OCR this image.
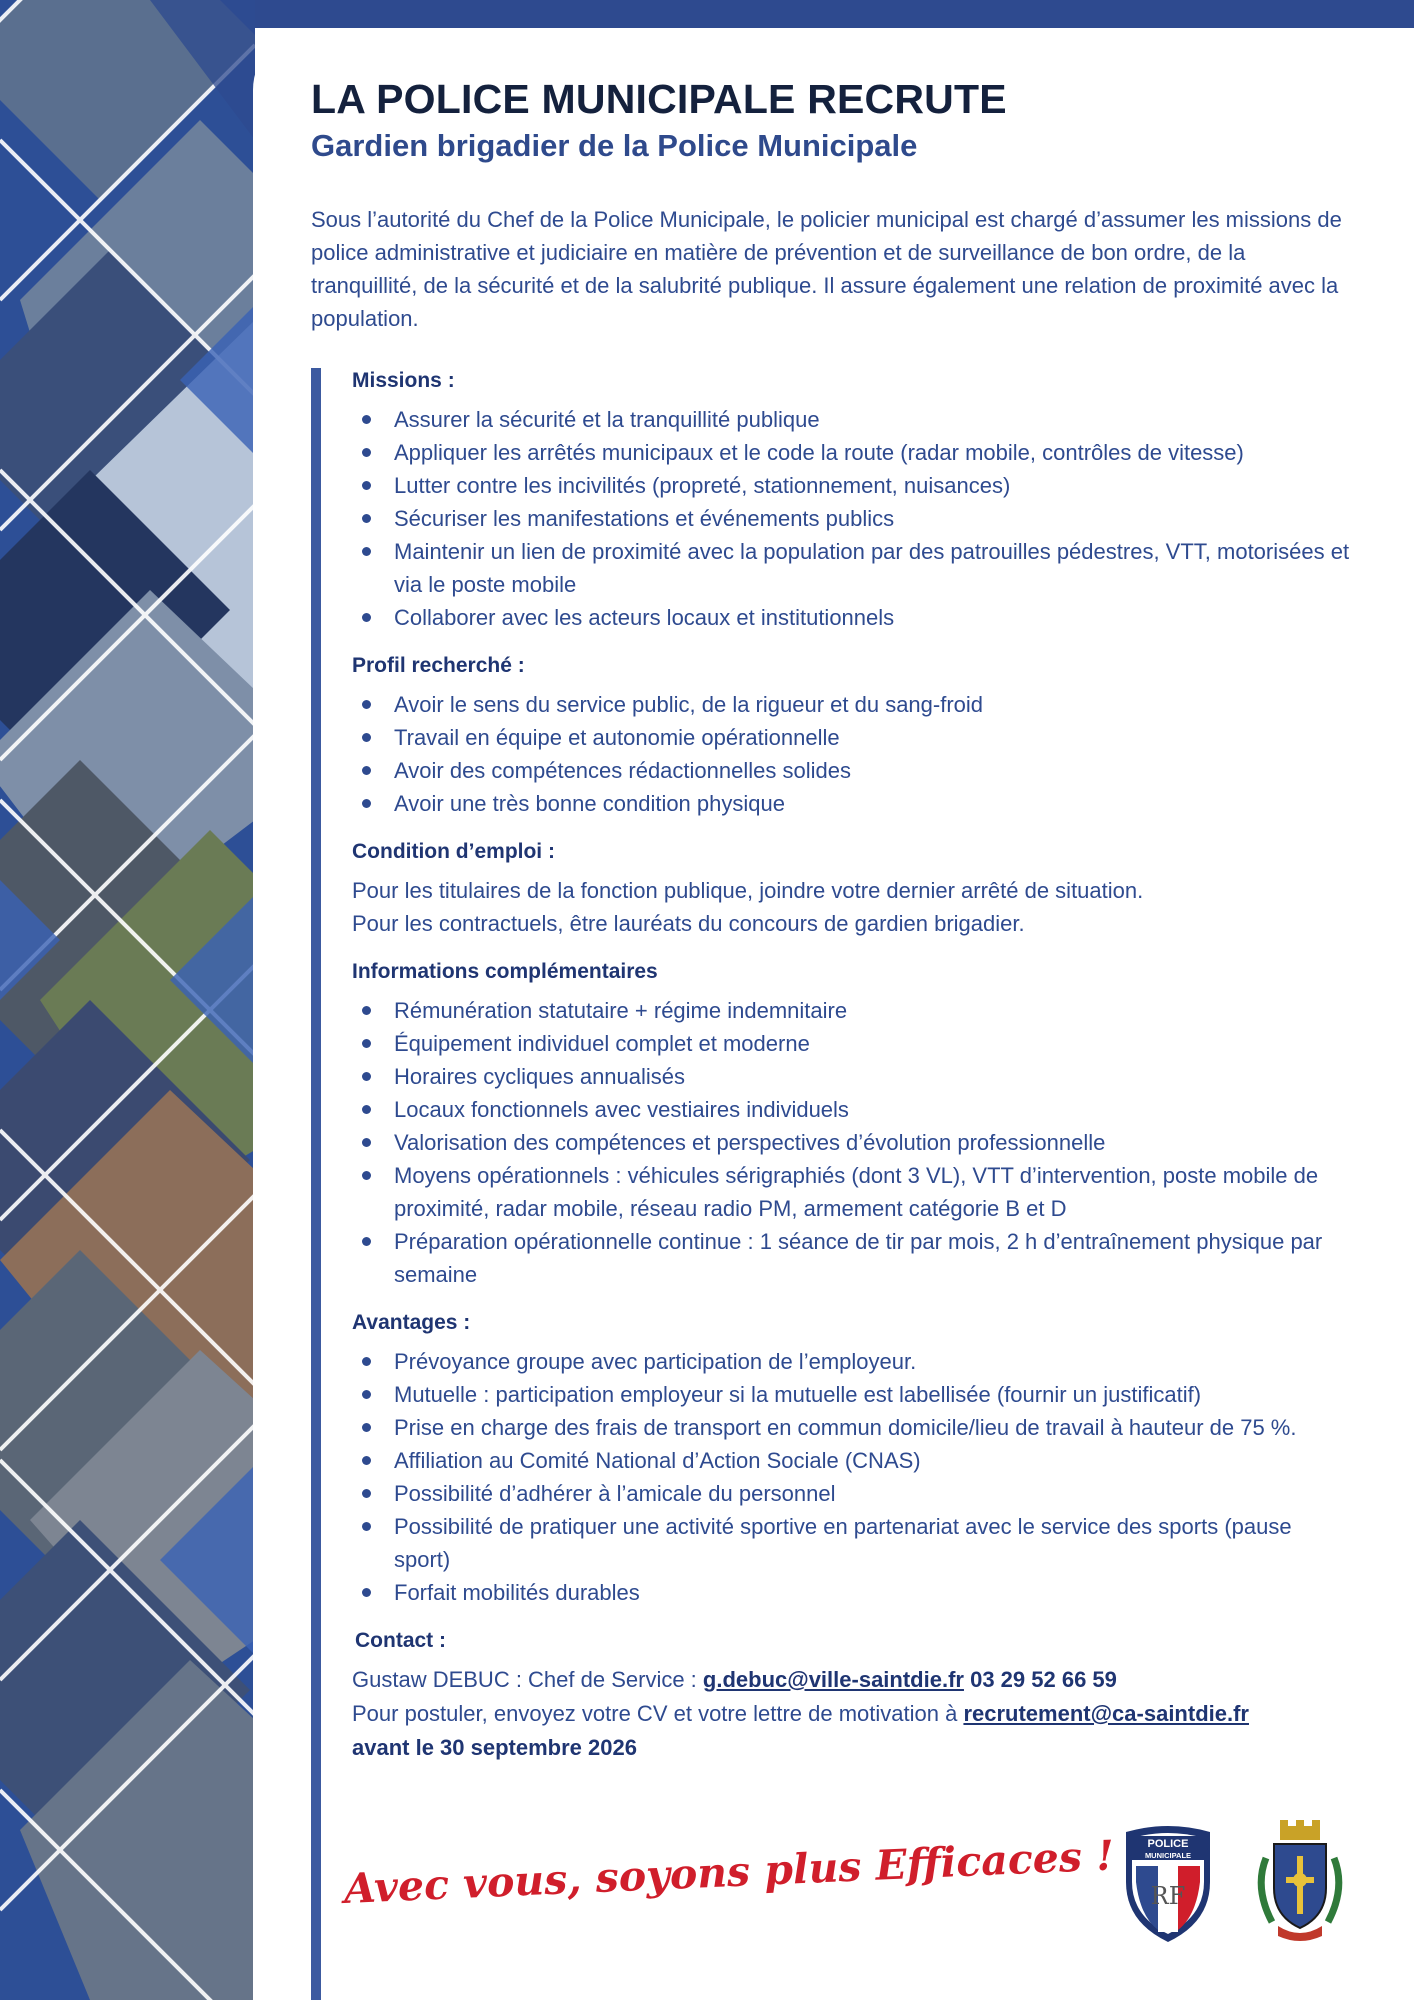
LA POLICE MUNICIPALE RECRUTE
Gardien brigadier de la Police Municipale

Sous l’autorité du Chef de la Police Municipale, le policier municipal est chargé d’assumer les missions de police administrative et judiciaire en matière de prévention et de surveillance de bon ordre, de la tranquillité, de la sécurité et de la salubrité publique. Il assure également une relation de proximité avec la population.

Missions :
Assurer la sécurité et la tranquillité publique
Appliquer les arrêtés municipaux et le code la route (radar mobile, contrôles de vitesse)
Lutter contre les incivilités (propreté, stationnement, nuisances)
Sécuriser les manifestations et événements publics
Maintenir un lien de proximité avec la population par des patrouilles pédestres, VTT, motorisées et via le poste mobile
Collaborer avec les acteurs locaux et institutionnels
Profil recherché :
Avoir le sens du service public, de la rigueur et du sang-froid
Travail en équipe et autonomie opérationnelle
Avoir des compétences rédactionnelles solides
Avoir une très bonne condition physique
Condition d’emploi :

Pour les titulaires de la fonction publique, joindre votre dernier arrêté de situation.
Pour les contractuels, être lauréats du concours de gardien brigadier.

Informations complémentaires
Rémunération statutaire + régime indemnitaire
Équipement individuel complet et moderne
Horaires cycliques annualisés
Locaux fonctionnels avec vestiaires individuels
Valorisation des compétences et perspectives d’évolution professionnelle
Moyens opérationnels : véhicules sérigraphiés (dont 3 VL), VTT d’intervention, poste mobile de proximité, radar mobile, réseau radio PM, armement catégorie B et D
Préparation opérationnelle continue : 1 séance de tir par mois, 2 h d’entraînement physique par semaine
Avantages :
Prévoyance groupe avec participation de l’employeur.
Mutuelle : participation employeur si la mutuelle est labellisée (fournir un justificatif)
Prise en charge des frais de transport en commun domicile/lieu de travail à hauteur de 75 %.
Affiliation au Comité National d’Action Sociale (CNAS)
Possibilité d’adhérer à l’amicale du personnel
Possibilité de pratiquer une activité sportive en partenariat avec le service des sports (pause sport)
Forfait mobilités durables
Contact :
Gustaw DEBUC : Chef de Service : g.debuc@ville-saintdie.fr 03 29 52 66 59
Pour postuler, envoyez votre CV et votre lettre de motivation à recrutement@ca-saintdie.fr
avant le 30 septembre 2026

Avec vous, soyons plus Efficaces !	POLICE
MUNICIPALE
RF
